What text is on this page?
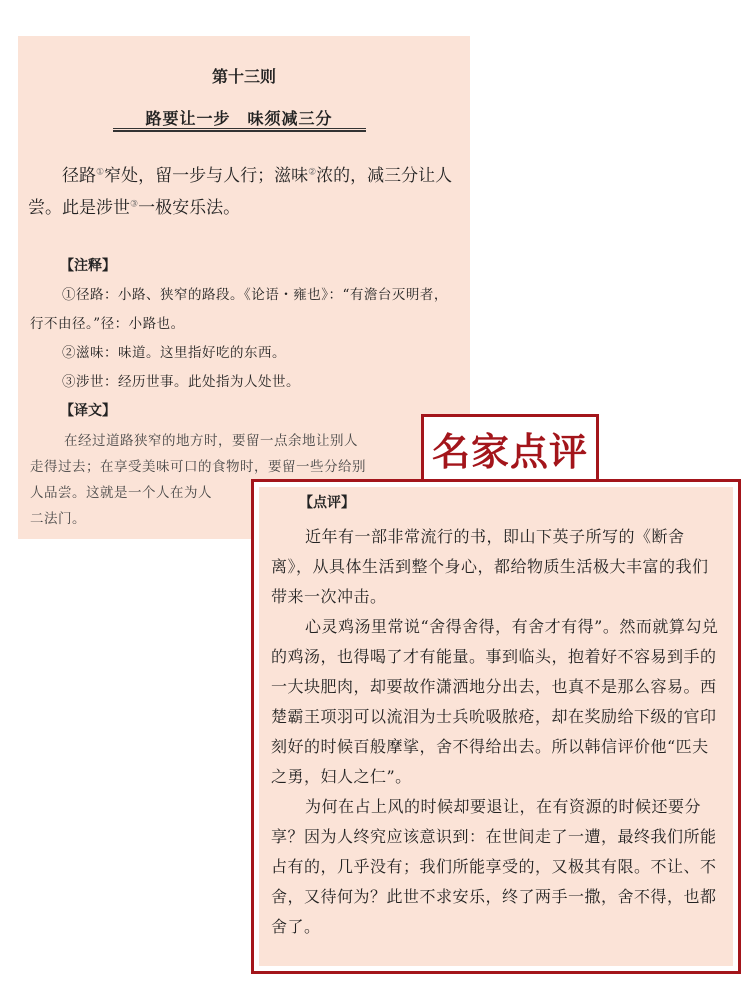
第十三则
路要让一步　味须减三分

径路①窄处，留一步与人行；滋味②浓的，减三分让人尝。此是涉世③一极安乐法。

【注释】

①径路：小路、狭窄的路段。《论语・雍也》：“有澹台灭明者，行不由径。”径：小路也。

②滋味：味道。这里指好吃的东西。

③涉世：经历世事。此处指为人处世。

【译文】

在经过道路狭窄的地方时，要留一点余地让别人

走得过去；在享受美味可口的食物时，要留一些分给别

人品尝。这就是一个人在为人

二法门。

名家点评
【点评】

近年有一部非常流行的书，即山下英子所写的《断舍离》，从具体生活到整个身心，都给物质生活极大丰富的我们带来一次冲击。

心灵鸡汤里常说“舍得舍得，有舍才有得”。然而就算勾兑的鸡汤，也得喝了才有能量。事到临头，抱着好不容易到手的一大块肥肉，却要故作潇洒地分出去，也真不是那么容易。西楚霸王项羽可以流泪为士兵吮吸脓疮，却在奖励给下级的官印刻好的时候百般摩挲，舍不得给出去。所以韩信评价他“匹夫之勇，妇人之仁”。

为何在占上风的时候却要退让，在有资源的时候还要分享？因为人终究应该意识到：在世间走了一遭，最终我们所能占有的，几乎没有；我们所能享受的，又极其有限。不让、不舍，又待何为？此世不求安乐，终了两手一撒，舍不得，也都舍了。
